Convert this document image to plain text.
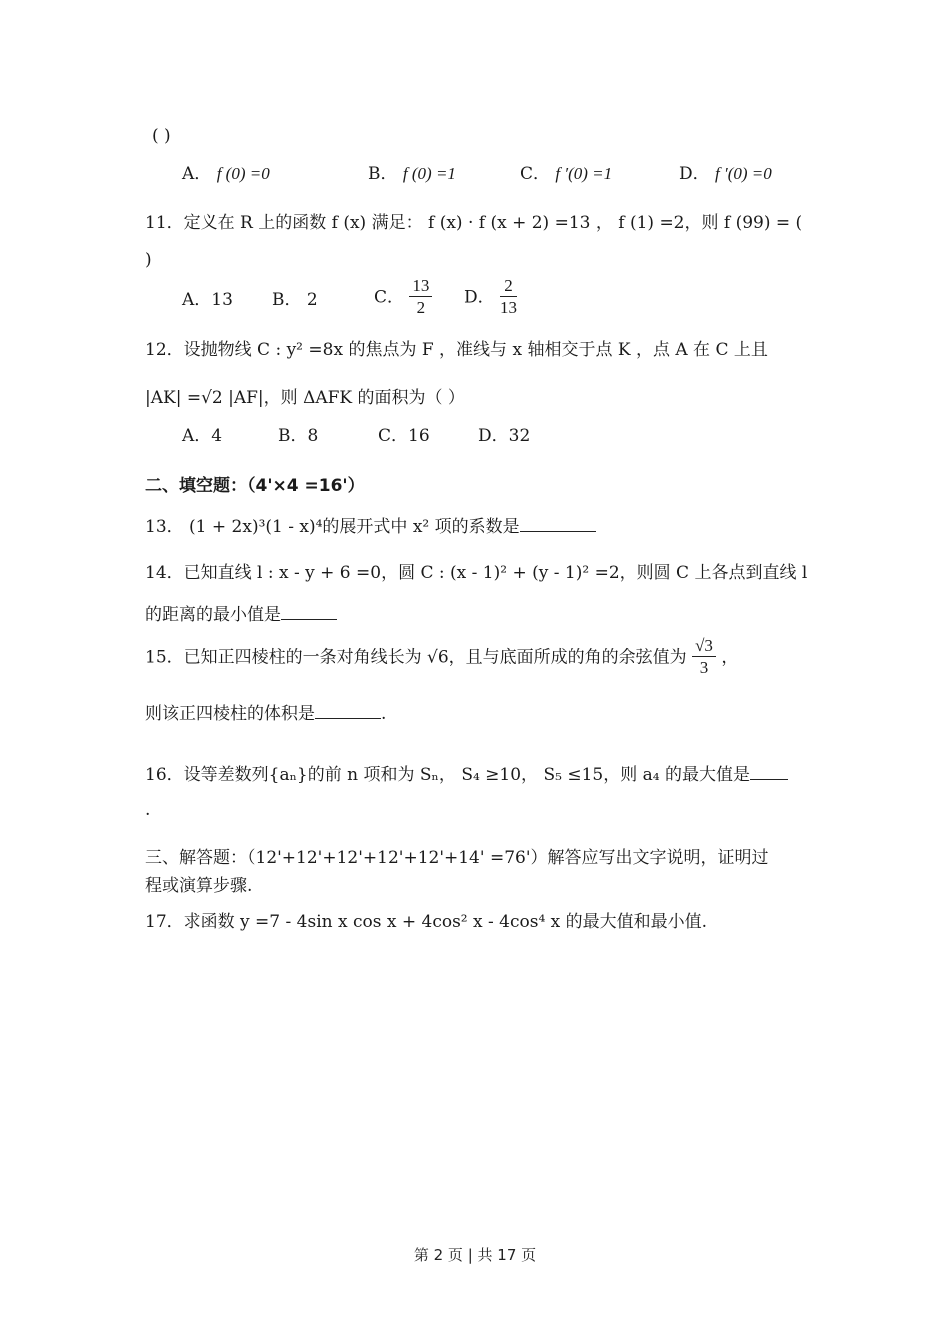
( )
A． f (0) =0	B． f (0) =1	C． f ′(0) =1	D． f ′(0) =0
11．定义在 R 上的函数 f (x) 满足： f (x) · f (x + 2) =13 ， f (1) =2，则 f (99) = (
)
A．13 B． 2	C． $\frac{13}{2}$ D． $\frac{2}{13}$
12．设抛物线 C : y² =8x 的焦点为 F ，准线与 x 轴相交于点 K ，点 A 在 C 上且
|AK| =√2 |AF|，则 ΔAFK 的面积为（ ）
A．4	B．8	C．16	D．32
二、填空题：（4'×4 =16'）
13． (1 + 2x)³(1 - x)⁴的展开式中 x² 项的系数是
14．已知直线 l : x - y + 6 =0，圆 C : (x - 1)² + (y - 1)² =2，则圆 C 上各点到直线 l
的距离的最小值是
15．已知正四棱柱的一条对角线长为 √6，且与底面所成的角的余弦值为 $\frac{√3}{3}$ ，
则该正四棱柱的体积是	.
16．设等差数列{aₙ}的前 n 项和为 Sₙ， S₄ ≥10， S₅ ≤15，则 a₄ 的最大值是
.
三、解答题：（12'+12'+12'+12'+12'+14' =76'）解答应写出文字说明，证明过
程或演算步骤.
17．求函数 y =7 - 4sin x cos x + 4cos² x - 4cos⁴ x 的最大值和最小值.
第 2 页 | 共 17 页
